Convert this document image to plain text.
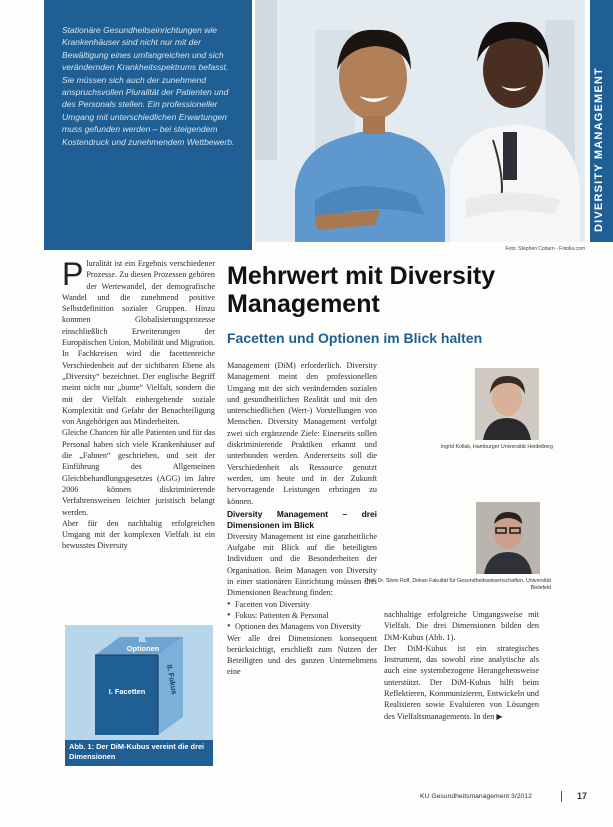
Stationäre Gesundheitseinrichtungen wie Krankenhäuser sind nicht nur mit der Bewältigung eines umfangreichen und sich verändernden Krankheitsspektrums befasst. Sie müssen sich auch der zunehmend anspruchsvollen Pluralität der Patienten und des Personals stellen. Ein professioneller Umgang mit unterschiedlichen Erwartungen muss gefunden werden – bei steigendem Kostendruck und zunehmendem Wettbewerb.	DIVERSITY MANAGEMENT
Foto: Stephen Coburn - Fotolia.com
Mehrwert mit Diversity Management
Facetten und Optionen im Blick halten

Pluralität ist ein Ergebnis verschiedener Prozesse. Zu diesen Prozessen gehören der Wertewandel, der demografische Wandel und die zunehmend positive Selbstdefinition sozialer Gruppen. Hinzu kommen Globalisierungsprozesse einschließlich Erweiterungen der Europäischen Union, Mobilität und Migration. In Fachkreisen wird die facettenreiche Verschiedenheit auf der sichtbaren Ebene als „Diversity“ bezeichnet. Der englische Begriff meint nicht nur „bunte“ Vielfalt, sondern die mit der Vielfalt einhergehende soziale Komplexität und Gefahr der Benachteiligung von Angehörigen aus Minderheiten.

Gleiche Chancen für alle Patienten und für das Personal haben sich viele Krankenhäuser auf die „Fahnen“ geschrieben, und seit der Einführung des Allgemeinen Gleichbehandlungsgesetzes (AGG) im Jahre 2006 können diskriminierende Verfahrensweisen leichter juristisch belangt werden.

Aber für den nachhaltig erfolgreichen Umgang mit der komplexen Vielfalt ist ein bewusstes Diversity

III. Optionen
I. Facetten	II. Fokus
Abb. 1: Der DiM-Kubus vereint die drei Dimensionen

Management (DiM) erforderlich. Diversity Management meint den professionellen Umgang mit der sich verändernden sozialen und gesundheitlichen Realität und mit den unterschiedlichen (Wert-) Vorstellungen von Menschen. Diversity Management verfolgt zwei sich ergänzende Ziele: Einerseits sollen diskriminierende Praktiken erkannt und unterbunden werden. Andererseits soll die Verschiedenheit als Ressource genutzt werden, um heute und in der Zukunft hervorragende Leistungen erbringen zu können.

Diversity Management – drei Dimensionen im Blick

Diversity Management ist eine ganzheitliche Aufgabe mit Blick auf die beteiligten Individuen und die Besonderheiten der Organisation. Beim Managen von Diversity in einer stationären Einrichtung müssen drei Dimensionen Beachtung finden:

● Facetten von Diversity
● Fokus: Patienten & Personal
● Optionen des Managens von Diversity

Wer alle drei Dimensionen konsequent berücksichtigt, erschließt zum Nutzen der Beteiligten und des ganzen Unternehmens eine

Ingrid Kollak, Hamburger Universität Heidelberg
Prof. Dr. Silvio Rolf, Dekan Fakultät für Gesundheitswissenschaften, Universität Bielefeld

nachhaltige erfolgreiche Umgangsweise mit Vielfalt. Die drei Dimensionen bilden den DiM-Kubus (Abb. 1).

Der DiM-Kubus ist ein strategisches Instrument, das sowohl eine analytische als auch eine systembezogene Herangehensweise unterstützt. Der DiM-Kubus hilft beim Reflektieren, Kommunizieren, Entwickeln und Realisieren sowie Evaluieren von Lösungen des Vielfaltsmanagements. In den ▶

KU Gesundheitsmanagement 3/2012	17
